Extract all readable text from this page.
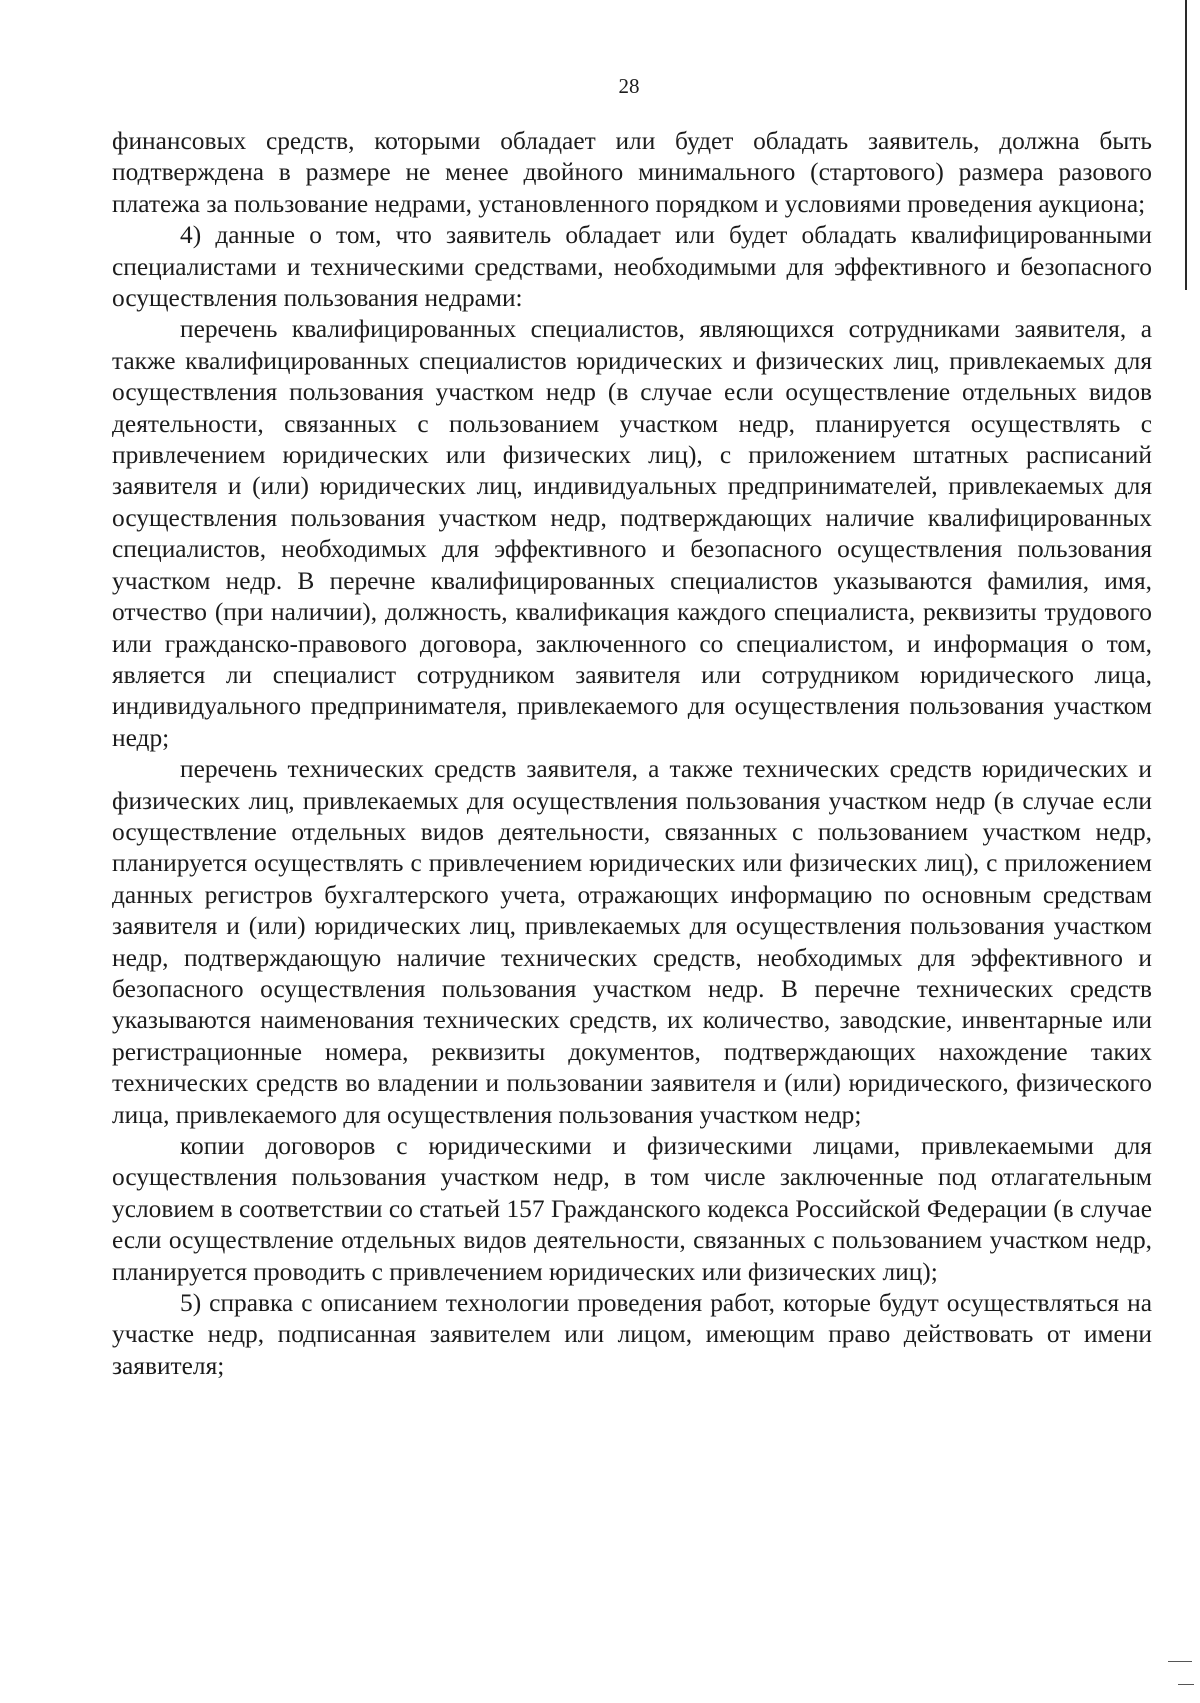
28

финансовых средств, которыми обладает или будет обладать заявитель, должна быть подтверждена в размере не менее двойного минимального (стартового) размера разового платежа за пользование недрами, установленного порядком и условиями проведения аукциона;

4) данные о том, что заявитель обладает или будет обладать квалифицированными специалистами и техническими средствами, необходимыми для эффективного и безопасного осуществления пользования недрами:

перечень квалифицированных специалистов, являющихся сотрудниками заявителя, а также квалифицированных специалистов юридических и физических лиц, привлекаемых для осуществления пользования участком недр (в случае если осуществление отдельных видов деятельности, связанных с пользованием участком недр, планируется осуществлять с привлечением юридических или физических лиц), с приложением штатных расписаний заявителя и (или) юридических лиц, индивидуальных предпринимателей, привлекаемых для осуществления пользования участком недр, подтверждающих наличие квалифицированных специалистов, необходимых для эффективного и безопасного осуществления пользования участком недр. В перечне квалифицированных специалистов указываются фамилия, имя, отчество (при наличии), должность, квалификация каждого специалиста, реквизиты трудового или гражданско-правового договора, заключенного со специалистом, и информация о том, является ли специалист сотрудником заявителя или сотрудником юридического лица, индивидуального предпринимателя, привлекаемого для осуществления пользования участком недр;

перечень технических средств заявителя, а также технических средств юридических и физических лиц, привлекаемых для осуществления пользования участком недр (в случае если осуществление отдельных видов деятельности, связанных с пользованием участком недр, планируется осуществлять с привлечением юридических или физических лиц), с приложением данных регистров бухгалтерского учета, отражающих информацию по основным средствам заявителя и (или) юридических лиц, привлекаемых для осуществления пользования участком недр, подтверждающую наличие технических средств, необходимых для эффективного и безопасного осуществления пользования участком недр. В перечне технических средств указываются наименования технических средств, их количество, заводские, инвентарные или регистрационные номера, реквизиты документов, подтверждающих нахождение таких технических средств во владении и пользовании заявителя и (или) юридического, физического лица, привлекаемого для осуществления пользования участком недр;

копии договоров с юридическими и физическими лицами, привлекаемыми для осуществления пользования участком недр, в том числе заключенные под отлагательным условием в соответствии со статьей 157 Гражданского кодекса Российской Федерации (в случае если осуществление отдельных видов деятельности, связанных с пользованием участком недр, планируется проводить с привлечением юридических или физических лиц);

5) справка с описанием технологии проведения работ, которые будут осуществляться на участке недр, подписанная заявителем или лицом, имеющим право действовать от имени заявителя;
